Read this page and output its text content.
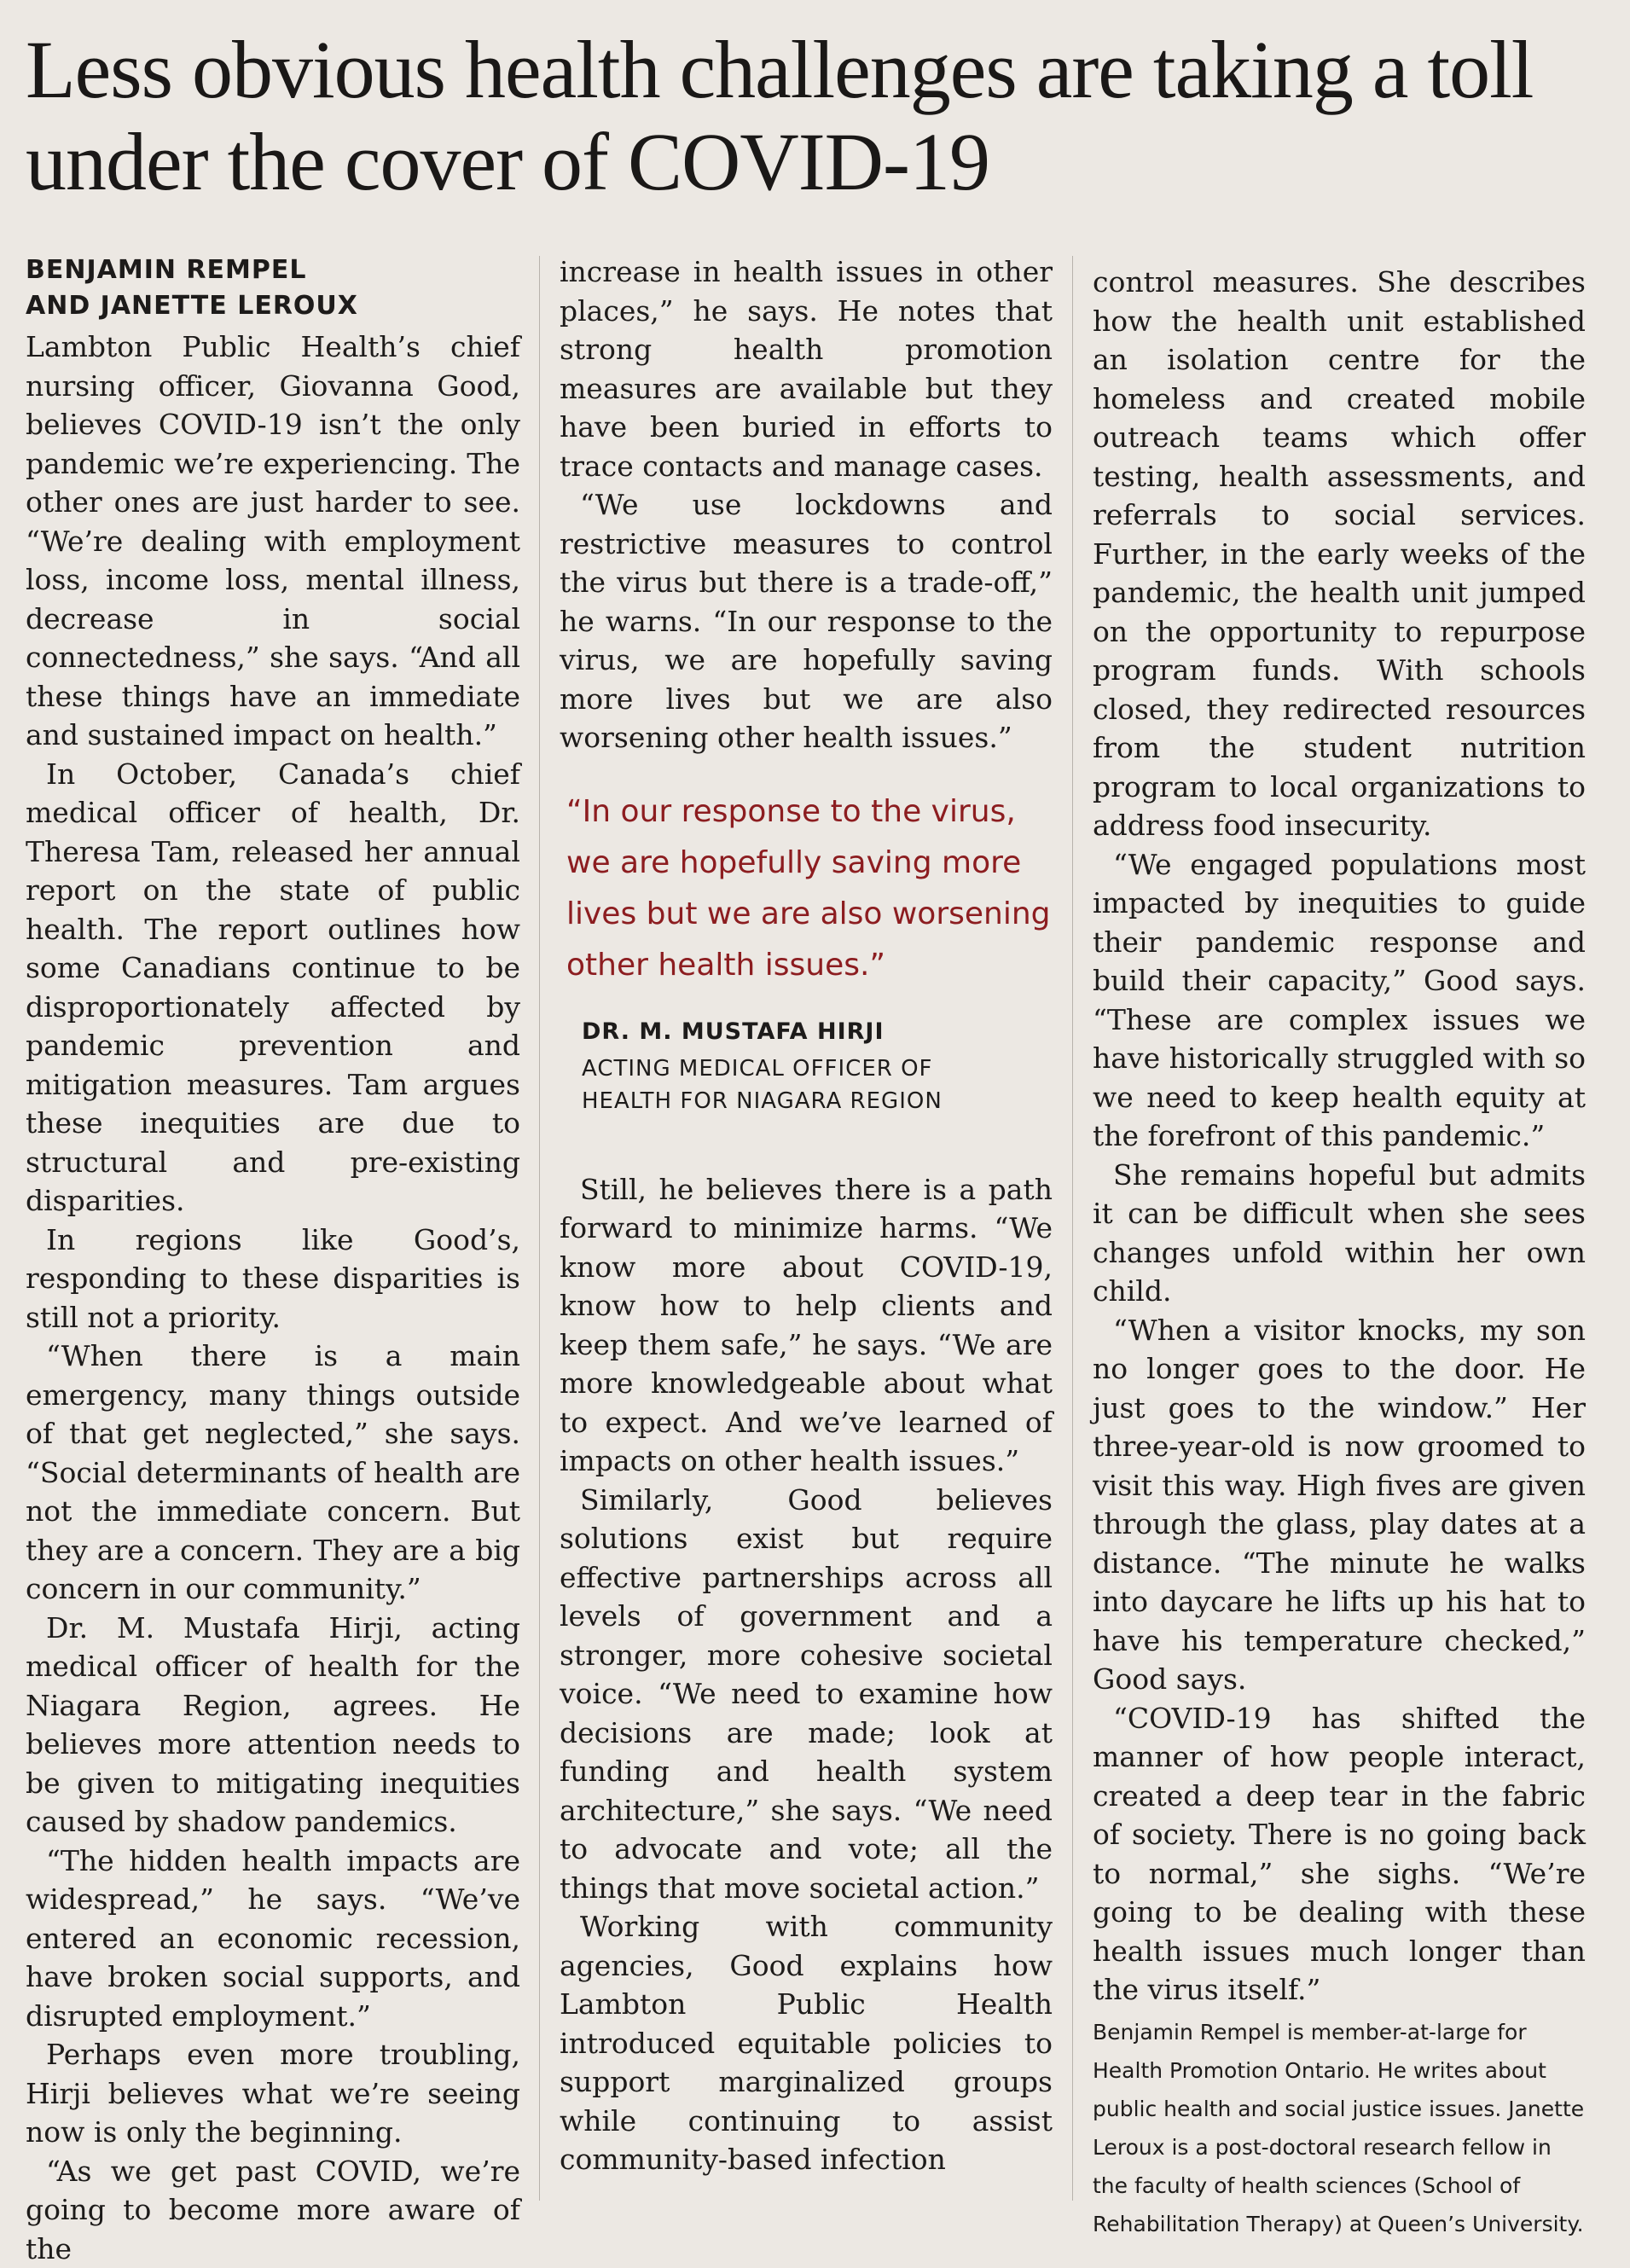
Less obvious health challenges are taking a toll under the cover of COVID-19
BENJAMIN REMPEL
AND JANETTE LEROUX

Lambton Public Health’s chief nursing officer, Giovanna Good, believes COVID-19 isn’t the only pandemic we’re experiencing. The other ones are just harder to see. “We’re dealing with employment loss, income loss, mental illness, decrease in social connectedness,” she says. “And all these things have an immediate and sustained impact on health.”

In October, Canada’s chief medical officer of health, Dr. Theresa Tam, released her annual report on the state of public health. The report outlines how some Canadians continue to be disproportionately affected by pandemic prevention and mitigation measures. Tam argues these inequities are due to structural and pre-existing disparities.

In regions like Good’s, responding to these disparities is still not a priority.

“When there is a main emergency, many things outside of that get neglected,” she says. “Social determinants of health are not the immediate concern. But they are a concern. They are a big concern in our community.”

Dr. M. Mustafa Hirji, acting medical officer of health for the Niagara Region, agrees. He believes more attention needs to be given to mitigating inequities caused by shadow pandemics.

“The hidden health impacts are widespread,” he says. “We’ve entered an economic recession, have broken social supports, and disrupted employment.”

Perhaps even more troubling, Hirji believes what we’re seeing now is only the beginning.

“As we get past COVID, we’re going to become more aware of the

increase in health issues in other places,” he says. He notes that strong health promotion measures are available but they have been buried in efforts to trace contacts and manage cases.

“We use lockdowns and restrictive measures to control the virus but there is a trade-off,” he warns. “In our response to the virus, we are hopefully saving more lives but we are also worsening other health issues.”

“In our response to the virus, we are hopefully saving more lives but we are also worsening other health issues.”
DR. M. MUSTAFA HIRJI
ACTING MEDICAL OFFICER OF
HEALTH FOR NIAGARA REGION

Still, he believes there is a path forward to minimize harms. “We know more about COVID-19, know how to help clients and keep them safe,” he says. “We are more knowledgeable about what to expect. And we’ve learned of impacts on other health issues.”

Similarly, Good believes solutions exist but require effective partnerships across all levels of government and a stronger, more cohesive societal voice. “We need to examine how decisions are made; look at funding and health system architecture,” she says. “We need to advocate and vote; all the things that move societal action.”

Working with community agencies, Good explains how Lambton Public Health introduced equitable policies to support marginalized groups while continuing to assist community-based infection

control measures. She describes how the health unit established an isolation centre for the homeless and created mobile outreach teams which offer testing, health assessments, and referrals to social services. Further, in the early weeks of the pandemic, the health unit jumped on the opportunity to repurpose program funds. With schools closed, they redirected resources from the student nutrition program to local organizations to address food insecurity.

“We engaged populations most impacted by inequities to guide their pandemic response and build their capacity,” Good says. “These are complex issues we have historically struggled with so we need to keep health equity at the forefront of this pandemic.”

She remains hopeful but admits it can be difficult when she sees changes unfold within her own child.

“When a visitor knocks, my son no longer goes to the door. He just goes to the window.” Her three-year-old is now groomed to visit this way. High fives are given through the glass, play dates at a distance. “The minute he walks into daycare he lifts up his hat to have his temperature checked,” Good says.

“COVID-19 has shifted the manner of how people interact, created a deep tear in the fabric of society. There is no going back to normal,” she sighs. “We’re going to be dealing with these health issues much longer than the virus itself.”

Benjamin Rempel is member-at-large for Health Promotion Ontario. He writes about public health and social justice issues. Janette Leroux is a post-doctoral research fellow in the faculty of health sciences (School of Rehabilitation Therapy) at Queen’s University.
